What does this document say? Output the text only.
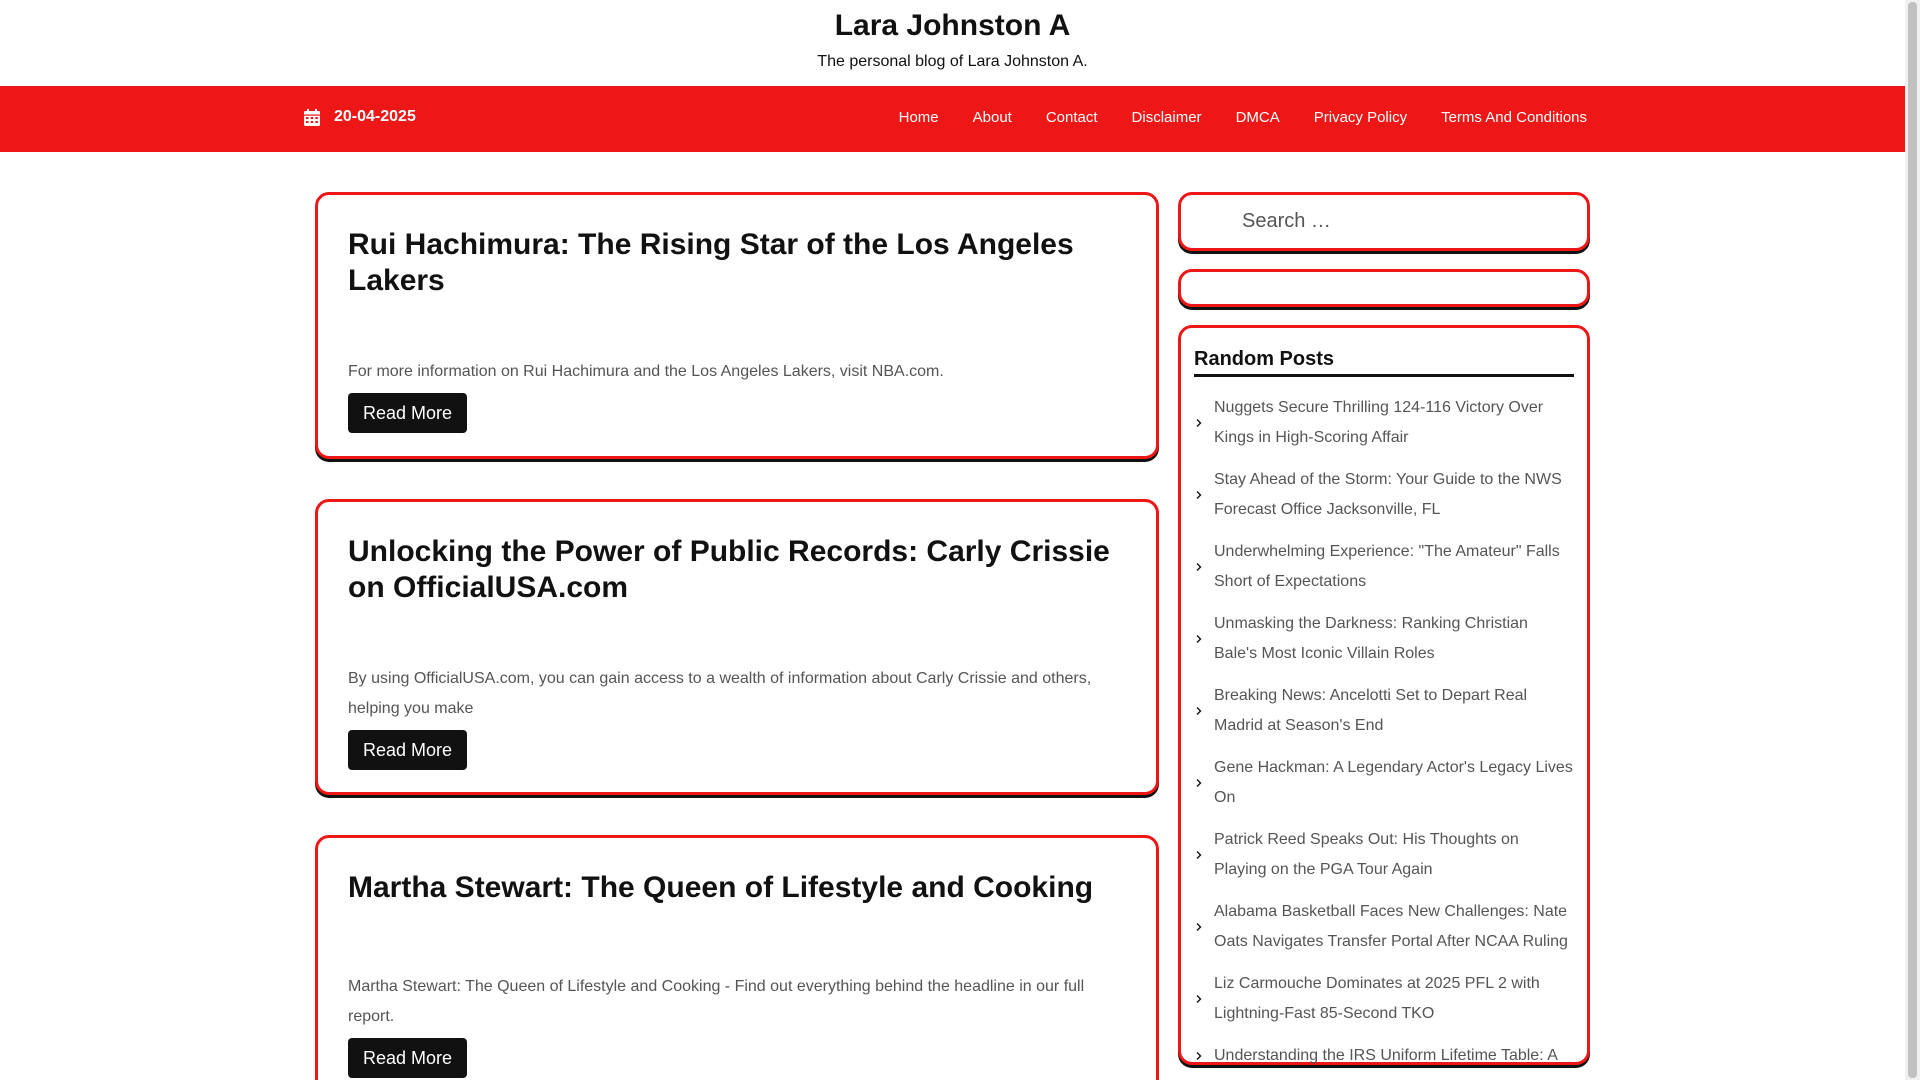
Lara Johnston A

The personal blog of Lara Johnston A.

20-04-2025	Home	About	Contact	Disclaimer	DMCA	Privacy Policy	Terms And Conditions
Rui Hachimura: The Rising Star of the Los Angeles Lakers

For more information on Rui Hachimura and the Los Angeles Lakers, visit NBA.com.

Read More
Unlocking the Power of Public Records: Carly Crissie on OfficialUSA.com

By using OfficialUSA.com, you can gain access to a wealth of information about Carly Crissie and others, helping you make

Read More
Martha Stewart: The Queen of Lifestyle and Cooking

Martha Stewart: The Queen of Lifestyle and Cooking - Find out everything behind the headline in our full report.

Read More
Search …
Random Posts
Nuggets Secure Thrilling 124-116 Victory Over Kings in High-Scoring Affair
Stay Ahead of the Storm: Your Guide to the NWS Forecast Office Jacksonville, FL
Underwhelming Experience: "The Amateur" Falls Short of Expectations
Unmasking the Darkness: Ranking Christian Bale's Most Iconic Villain Roles
Breaking News: Ancelotti Set to Depart Real Madrid at Season's End
Gene Hackman: A Legendary Actor's Legacy Lives On
Patrick Reed Speaks Out: His Thoughts on Playing on the PGA Tour Again
Alabama Basketball Faces New Challenges: Nate Oats Navigates Transfer Portal After NCAA Ruling
Liz Carmouche Dominates at 2025 PFL 2 with Lightning-Fast 85-Second TKO
Understanding the IRS Uniform Lifetime Table: A
